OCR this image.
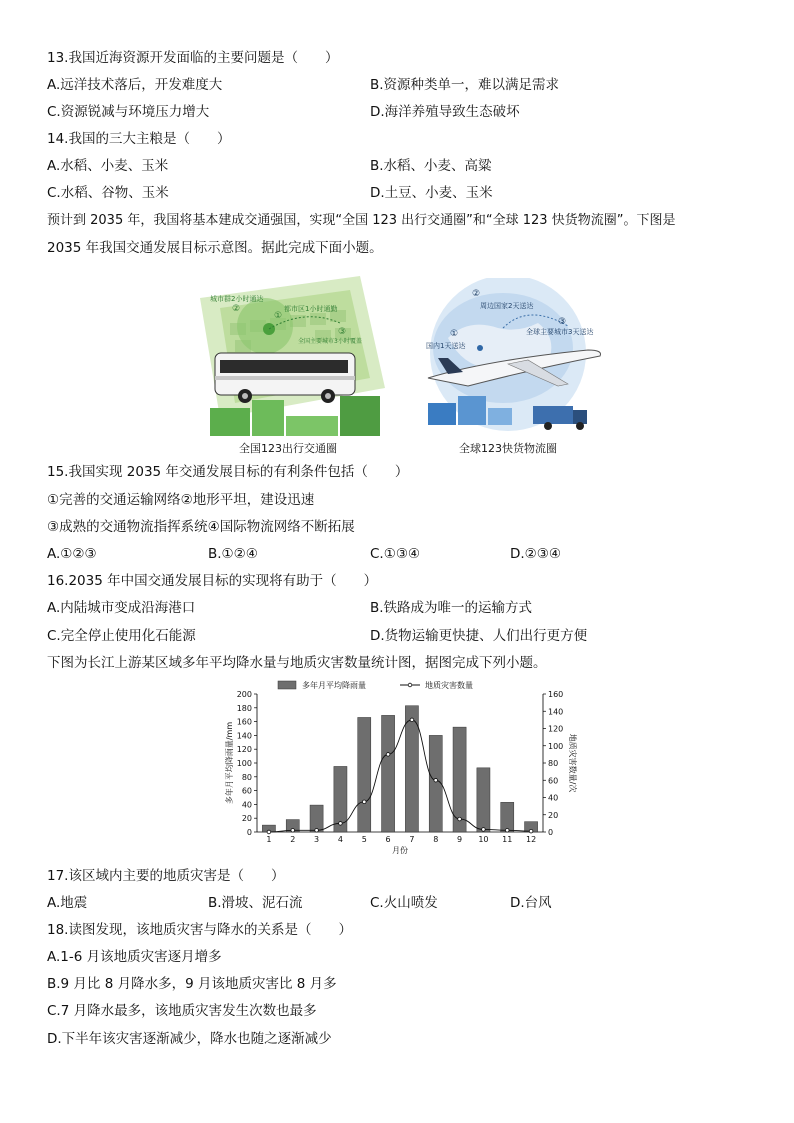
13.我国近海资源开发面临的主要问题是（　　）
A.远洋技术落后，开发难度大	B.资源种类单一，难以满足需求
C.资源锐减与环境压力增大	D.海洋养殖导致生态破坏
14.我国的三大主粮是（　　）
A.水稻、小麦、玉米	B.水稻、小麦、高粱
C.水稻、谷物、玉米	D.土豆、小麦、玉米
预计到 2035 年，我国将基本建成交通强国，实现“全国 123 出行交通圈”和“全球 123 快货物流圈”。下图是
2035 年我国交通发展目标示意图。据此完成下面小题。
城市群2小时通达
②	都市区1小时通勤
①
③
全国主要城市3小时覆盖
全国123出行交通圈
②
周边国家2天送达
①
国内1天送达
③
全球主要城市3天送达
全球123快货物流圈
15.我国实现 2035 年交通发展目标的有利条件包括（　　）
①完善的交通运输网络②地形平坦，建设迅速
③成熟的交通物流指挥系统④国际物流网络不断拓展
A.①②③	B.①②④	C.①③④	D.②③④
16.2035 年中国交通发展目标的实现将有助于（　　）
A.内陆城市变成沿海港口	B.铁路成为唯一的运输方式
C.完全停止使用化石能源	D.货物运输更快捷、人们出行更方便
下图为长江上游某区域多年平均降水量与地质灾害数量统计图，据图完成下列小题。
0
20
40
60
80
100
120
140
160
180
200
0
20
40
60
80
100
120
140
160
1 2 3 4 5 6 7 8 9 10 11 12
月份
多年月平均降雨量/mm	地质灾害数量/次
多年月平均降雨量	地质灾害数量
17.该区域内主要的地质灾害是（　　）
A.地震	B.滑坡、泥石流	C.火山喷发	D.台风
18.读图发现，该地质灾害与降水的关系是（　　）
A.1-6 月该地质灾害逐月增多
B.9 月比 8 月降水多，9 月该地质灾害比 8 月多
C.7 月降水最多，该地质灾害发生次数也最多
D.下半年该灾害逐渐减少，降水也随之逐渐减少
